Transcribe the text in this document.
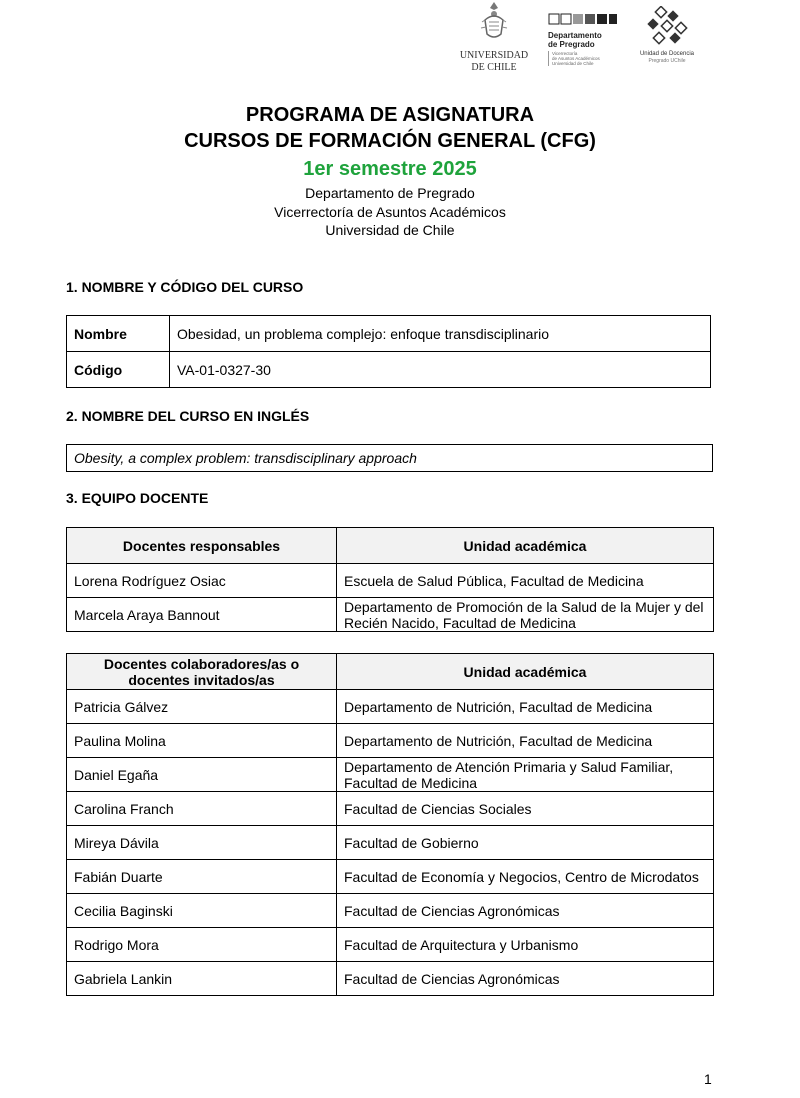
UNIVERSIDAD
DE CHILE
Departamento
de Pregrado
Vicerrectoría
de Asuntos Académicos
Universidad de Chile
Unidad de Docencia
Pregrado UChile
PROGRAMA DE ASIGNATURA
CURSOS DE FORMACIÓN GENERAL (CFG)
1er semestre 2025
Departamento de Pregrado
Vicerrectoría de Asuntos Académicos
Universidad de Chile
1. NOMBRE Y CÓDIGO DEL CURSO
Nombre	Obesidad, un problema complejo: enfoque transdisciplinario
Código	VA-01-0327-30
2. NOMBRE DEL CURSO EN INGLÉS
Obesity, a complex problem: transdisciplinary approach
3. EQUIPO DOCENTE
Docentes responsables	Unidad académica
Lorena Rodríguez Osiac	Escuela de Salud Pública, Facultad de Medicina
Marcela Araya Bannout	Departamento de Promoción de la Salud de la Mujer y del Recién Nacido, Facultad de Medicina
Docentes colaboradores/as o docentes invitados/as	Unidad académica
Patricia Gálvez	Departamento de Nutrición, Facultad de Medicina
Paulina Molina	Departamento de Nutrición, Facultad de Medicina
Daniel Egaña	Departamento de Atención Primaria y Salud Familiar, Facultad de Medicina
Carolina Franch	Facultad de Ciencias Sociales
Mireya Dávila	Facultad de Gobierno
Fabián Duarte	Facultad de Economía y Negocios, Centro de Microdatos
Cecilia Baginski	Facultad de Ciencias Agronómicas
Rodrigo Mora	Facultad de Arquitectura y Urbanismo
Gabriela Lankin	Facultad de Ciencias Agronómicas
1
